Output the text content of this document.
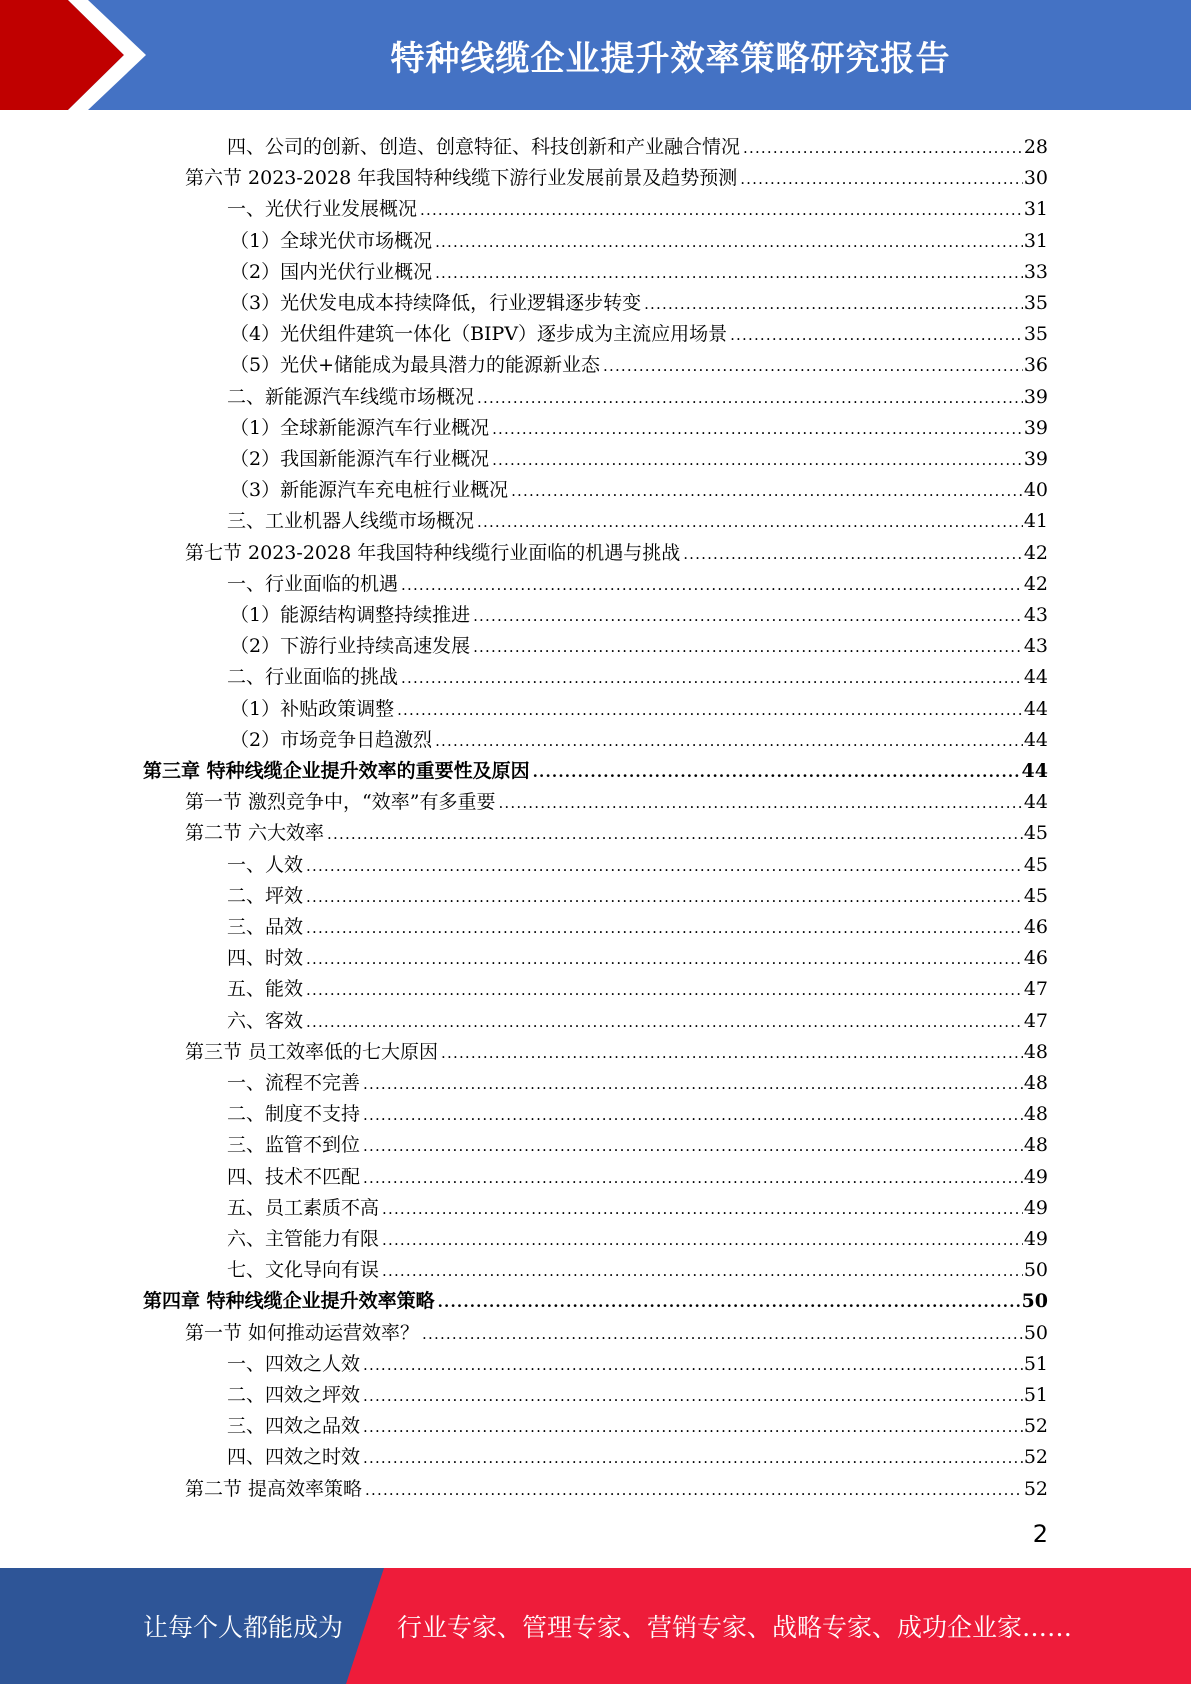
特种线缆企业提升效率策略研究报告
四、公司的创新、创造、创意特征、科技创新和产业融合情况 .....	28
第六节 2023-2028 年我国特种线缆下游行业发展前景及趋势预测 .....	30
一、光伏行业发展概况 .....	31
（1）全球光伏市场概况 .....	31
（2）国内光伏行业概况 .....	33
（3）光伏发电成本持续降低，行业逻辑逐步转变 .....	35
（4）光伏组件建筑一体化（BIPV）逐步成为主流应用场景 .....	35
（5）光伏+储能成为最具潜力的能源新业态 .....	36
二、新能源汽车线缆市场概况 .....	39
（1）全球新能源汽车行业概况 .....	39
（2）我国新能源汽车行业概况 .....	39
（3）新能源汽车充电桩行业概况 .....	40
三、工业机器人线缆市场概况 .....	41
第七节 2023-2028 年我国特种线缆行业面临的机遇与挑战 .....	42
一、行业面临的机遇 .....	42
（1）能源结构调整持续推进 .....	43
（2）下游行业持续高速发展 .....	43
二、行业面临的挑战 .....	44
（1）补贴政策调整 .....	44
（2）市场竞争日趋激烈 .....	44
第三章 特种线缆企业提升效率的重要性及原因 .....	44
第一节 激烈竞争中，“效率”有多重要 .....	44
第二节 六大效率 .....	45
一、人效 .....	45
二、坪效 .....	45
三、品效 .....	46
四、时效 .....	46
五、能效 .....	47
六、客效 .....	47
第三节 员工效率低的七大原因 .....	48
一、流程不完善 .....	48
二、制度不支持 .....	48
三、监管不到位 .....	48
四、技术不匹配 .....	49
五、员工素质不高 .....	49
六、主管能力有限 .....	49
七、文化导向有误 .....	50
第四章 特种线缆企业提升效率策略 .....	50
第一节 如何推动运营效率？ .....	50
一、四效之人效 .....	51
二、四效之坪效 .....	51
三、四效之品效 .....	52
四、四效之时效 .....	52
第二节 提高效率策略 .....	52
2
让每个人都能成为 行业专家、管理专家、营销专家、战略专家、成功企业家……
